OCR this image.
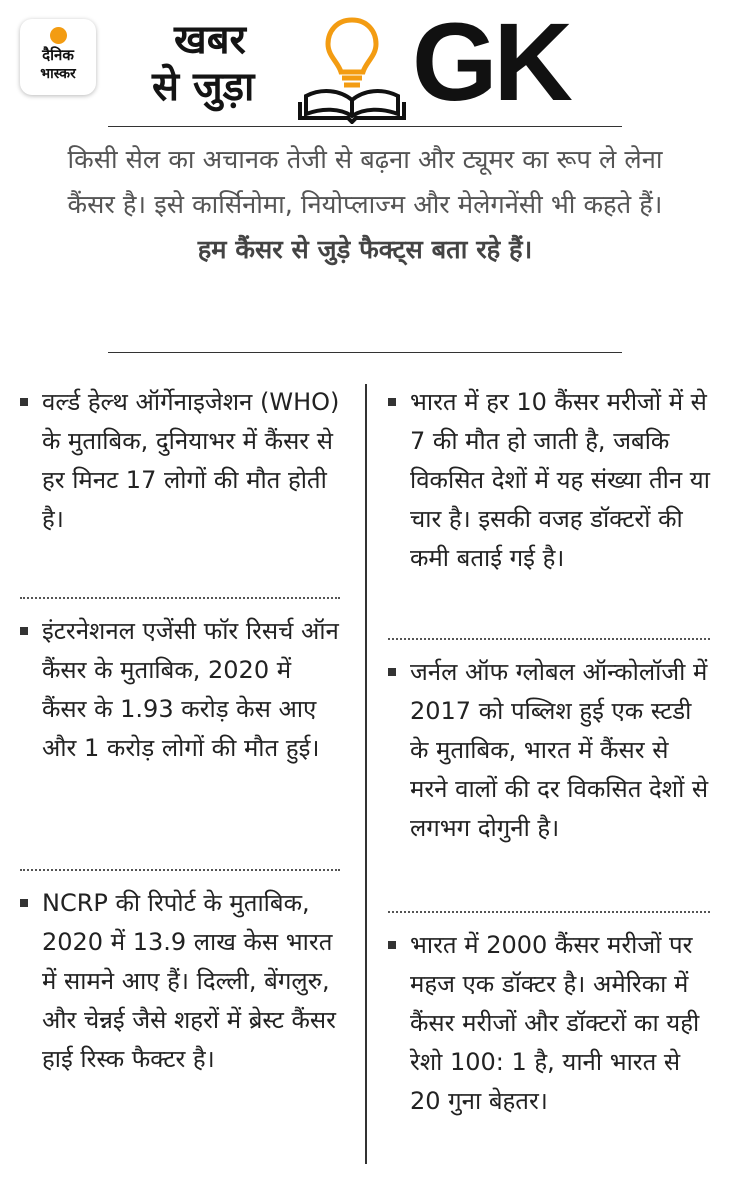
दैनिक
भास्कर
खबर
से जुड़ा GK
किसी सेल का अचानक तेजी से बढ़ना और ट्यूमर का रूप ले लेना कैंसर है। इसे कार्सिनोमा, नियोप्लाज्म और मेलेगनेंसी भी कहते हैं। हम कैंसर से जुड़े फैक्ट्स बता रहे हैं।
वर्ल्ड हेल्थ ऑर्गेनाइजेशन (WHO) के मुताबिक, दुनियाभर में कैंसर से हर मिनट 17 लोगों की मौत होती है।
इंटरनेशनल एजेंसी फॉर रिसर्च ऑन कैंसर के मुताबिक, 2020 में कैंसर के 1.93 करोड़ केस आए और 1 करोड़ लोगों की मौत हुई।
NCRP की रिपोर्ट के मुताबिक, 2020 में 13.9 लाख केस भारत में सामने आए हैं। दिल्ली, बेंगलुरु, और चेन्नई जैसे शहरों में ब्रेस्ट कैंसर हाई रिस्क फैक्टर है।
भारत में हर 10 कैंसर मरीजों में से 7 की मौत हो जाती है, जबकि विकसित देशों में यह संख्या तीन या चार है। इसकी वजह डॉक्टरों की कमी बताई गई है।
जर्नल ऑफ ग्लोबल ऑन्कोलॉजी में 2017 को पब्लिश हुई एक स्टडी के मुताबिक, भारत में कैंसर से मरने वालों की दर विकसित देशों से लगभग दोगुनी है।
भारत में 2000 कैंसर मरीजों पर महज एक डॉक्टर है। अमेरिका में कैंसर मरीजों और डॉक्टरों का यही रेशो 100: 1 है, यानी भारत से 20 गुना बेहतर।
